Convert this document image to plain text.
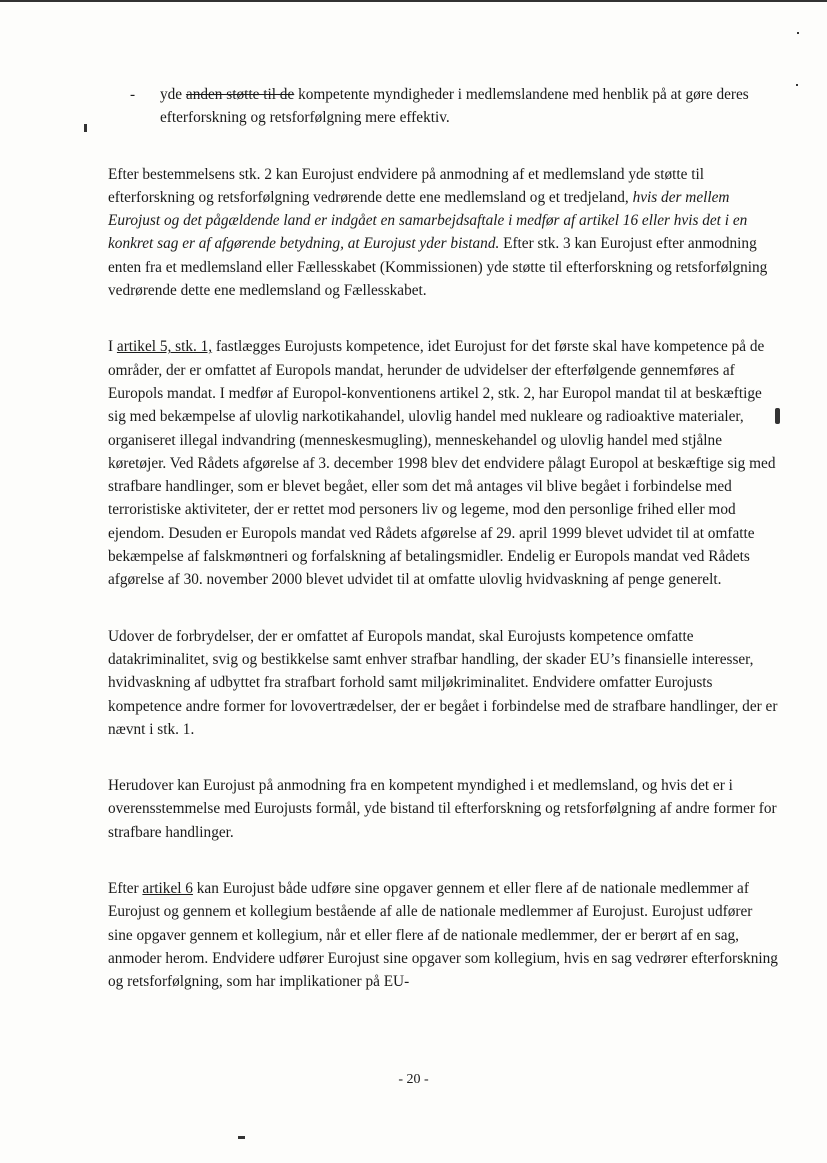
-	yde anden støtte til de kompetente myndigheder i medlemslandene med henblik på at gøre deres efterforskning og retsforfølgning mere effektiv.

Efter bestemmelsens stk. 2 kan Eurojust endvidere på anmodning af et medlemsland yde støtte til efterforskning og retsforfølgning vedrørende dette ene medlemsland og et tredjeland, hvis der mellem Eurojust og det pågældende land er indgået en samarbejdsaftale i medfør af artikel 16 eller hvis det i en konkret sag er af afgørende betydning, at Eurojust yder bistand. Efter stk. 3 kan Eurojust efter anmodning enten fra et medlemsland eller Fællesskabet (Kommissionen) yde støtte til efterforskning og retsforfølgning vedrørende dette ene medlemsland og Fællesskabet.

I artikel 5, stk. 1, fastlægges Eurojusts kompetence, idet Eurojust for det første skal have kompetence på de områder, der er omfattet af Europols mandat, herunder de udvidelser der efterfølgende gennemføres af Europols mandat. I medfør af Europol-konventionens artikel 2, stk. 2, har Europol mandat til at beskæftige sig med bekæmpelse af ulovlig narkotikahandel, ulovlig handel med nukleare og radioaktive materialer, organiseret illegal indvandring (menneskesmugling), menneskehandel og ulovlig handel med stjålne køretøjer. Ved Rådets afgørelse af 3. december 1998 blev det endvidere pålagt Europol at beskæftige sig med strafbare handlinger, som er blevet begået, eller som det må antages vil blive begået i forbindelse med terroristiske aktiviteter, der er rettet mod personers liv og legeme, mod den personlige frihed eller mod ejendom. Desuden er Europols mandat ved Rådets afgørelse af 29. april 1999 blevet udvidet til at omfatte bekæmpelse af falskmøntneri og forfalskning af betalingsmidler. Endelig er Europols mandat ved Rådets afgørelse af 30. november 2000 blevet udvidet til at omfatte ulovlig hvidvaskning af penge generelt.

Udover de forbrydelser, der er omfattet af Europols mandat, skal Eurojusts kompetence omfatte datakriminalitet, svig og bestikkelse samt enhver strafbar handling, der skader EU’s finansielle interesser, hvidvaskning af udbyttet fra strafbart forhold samt miljøkriminalitet. Endvidere omfatter Eurojusts kompetence andre former for lovovertrædelser, der er begået i forbindelse med de strafbare handlinger, der er nævnt i stk. 1.

Herudover kan Eurojust på anmodning fra en kompetent myndighed i et medlemsland, og hvis det er i overensstemmelse med Eurojusts formål, yde bistand til efterforskning og retsforfølgning af andre former for strafbare handlinger.

Efter artikel 6 kan Eurojust både udføre sine opgaver gennem et eller flere af de nationale medlemmer af Eurojust og gennem et kollegium bestående af alle de nationale medlemmer af Eurojust. Eurojust udfører sine opgaver gennem et kollegium, når et eller flere af de nationale medlemmer, der er berørt af en sag, anmoder herom. Endvidere udfører Eurojust sine opgaver som kollegium, hvis en sag vedrører efterforskning og retsforfølgning, som har implikationer på EU-

- 20 -
